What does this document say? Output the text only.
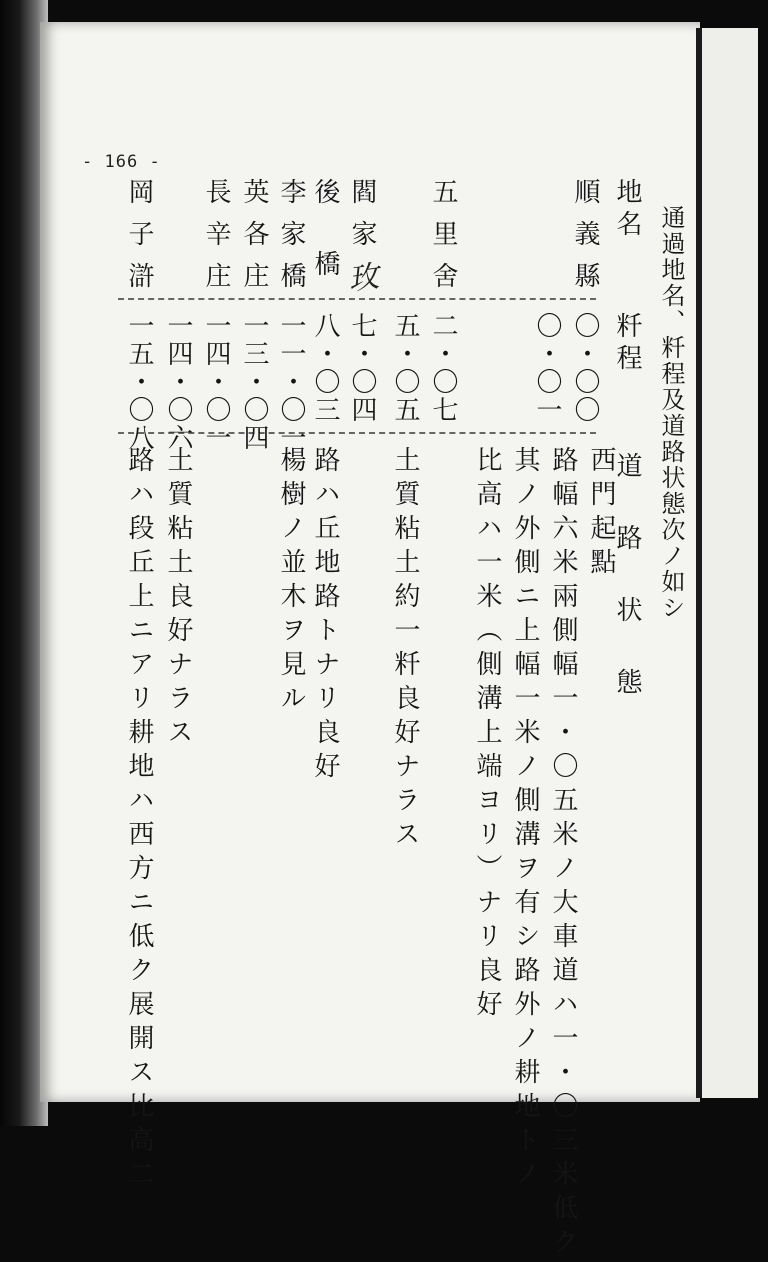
- 166 -
通過地名、粁程及道路状態次ノ如シ
地名
粁程
道路状態
順義縣
五里舍
閻家
後橋
李家橋
英各庄
長辛庄
岡子滸	玫
〇・〇〇
〇・〇一
二・〇七
五・〇五
七・〇四
八・〇三
一一・〇一
一三・〇四
一四・〇一
一四・〇六
一五・〇八
西門起點
路幅六米兩側幅一・〇五米ノ大車道ハ一・〇三米低ク
其ノ外側ニ上幅一米ノ側溝ヲ有シ路外ノ耕地トノ
比高ハ一米（側溝上端ヨリ）ナリ良好
土質粘土約一粁良好ナラス
路ハ丘地路トナリ良好
楊樹ノ並木ヲ見ル
土質粘土良好ナラス
路ハ段丘上ニアリ耕地ハ西方ニ低ク展開ス比高二
